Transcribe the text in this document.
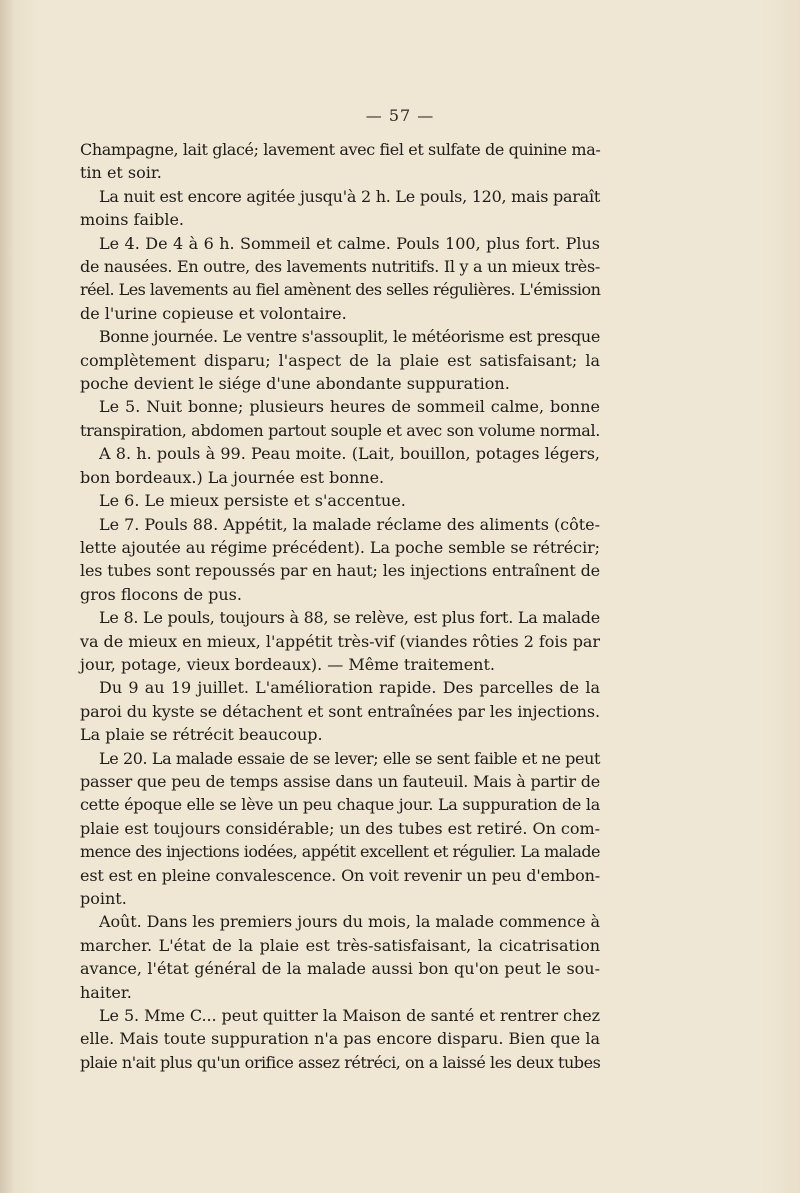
— 57 —
Champagne, lait glacé; lavement avec fiel et sulfate de quinine ma-
tin et soir.
La nuit est encore agitée jusqu'à 2 h. Le pouls, 120, mais paraît
moins faible.
Le 4. De 4 à 6 h. Sommeil et calme. Pouls 100, plus fort. Plus
de nausées. En outre, des lavements nutritifs. Il y a un mieux très-
réel. Les lavements au fiel amènent des selles régulières. L'émission
de l'urine copieuse et volontaire.
Bonne journée. Le ventre s'assouplit, le météorisme est presque
complètement disparu; l'aspect de la plaie est satisfaisant; la
poche devient le siége d'une abondante suppuration.
Le 5. Nuit bonne; plusieurs heures de sommeil calme, bonne
transpiration, abdomen partout souple et avec son volume normal.
A 8. h. pouls à 99. Peau moite. (Lait, bouillon, potages légers,
bon bordeaux.) La journée est bonne.
Le 6. Le mieux persiste et s'accentue.
Le 7. Pouls 88. Appétit, la malade réclame des aliments (côte-
lette ajoutée au régime précédent). La poche semble se rétrécir;
les tubes sont repoussés par en haut; les injections entraînent de
gros flocons de pus.
Le 8. Le pouls, toujours à 88, se relève, est plus fort. La malade
va de mieux en mieux, l'appétit très-vif (viandes rôties 2 fois par
jour, potage, vieux bordeaux). — Même traitement.
Du 9 au 19 juillet. L'amélioration rapide. Des parcelles de la
paroi du kyste se détachent et sont entraînées par les injections.
La plaie se rétrécit beaucoup.
Le 20. La malade essaie de se lever; elle se sent faible et ne peut
passer que peu de temps assise dans un fauteuil. Mais à partir de
cette époque elle se lève un peu chaque jour. La suppuration de la
plaie est toujours considérable; un des tubes est retiré. On com-
mence des injections iodées, appétit excellent et régulier. La malade
est est en pleine convalescence. On voit revenir un peu d'embon-
point.
Août. Dans les premiers jours du mois, la malade commence à
marcher. L'état de la plaie est très-satisfaisant, la cicatrisation
avance, l'état général de la malade aussi bon qu'on peut le sou-
haiter.
Le 5. Mme C... peut quitter la Maison de santé et rentrer chez
elle. Mais toute suppuration n'a pas encore disparu. Bien que la
plaie n'ait plus qu'un orifice assez rétréci, on a laissé les deux tubes
